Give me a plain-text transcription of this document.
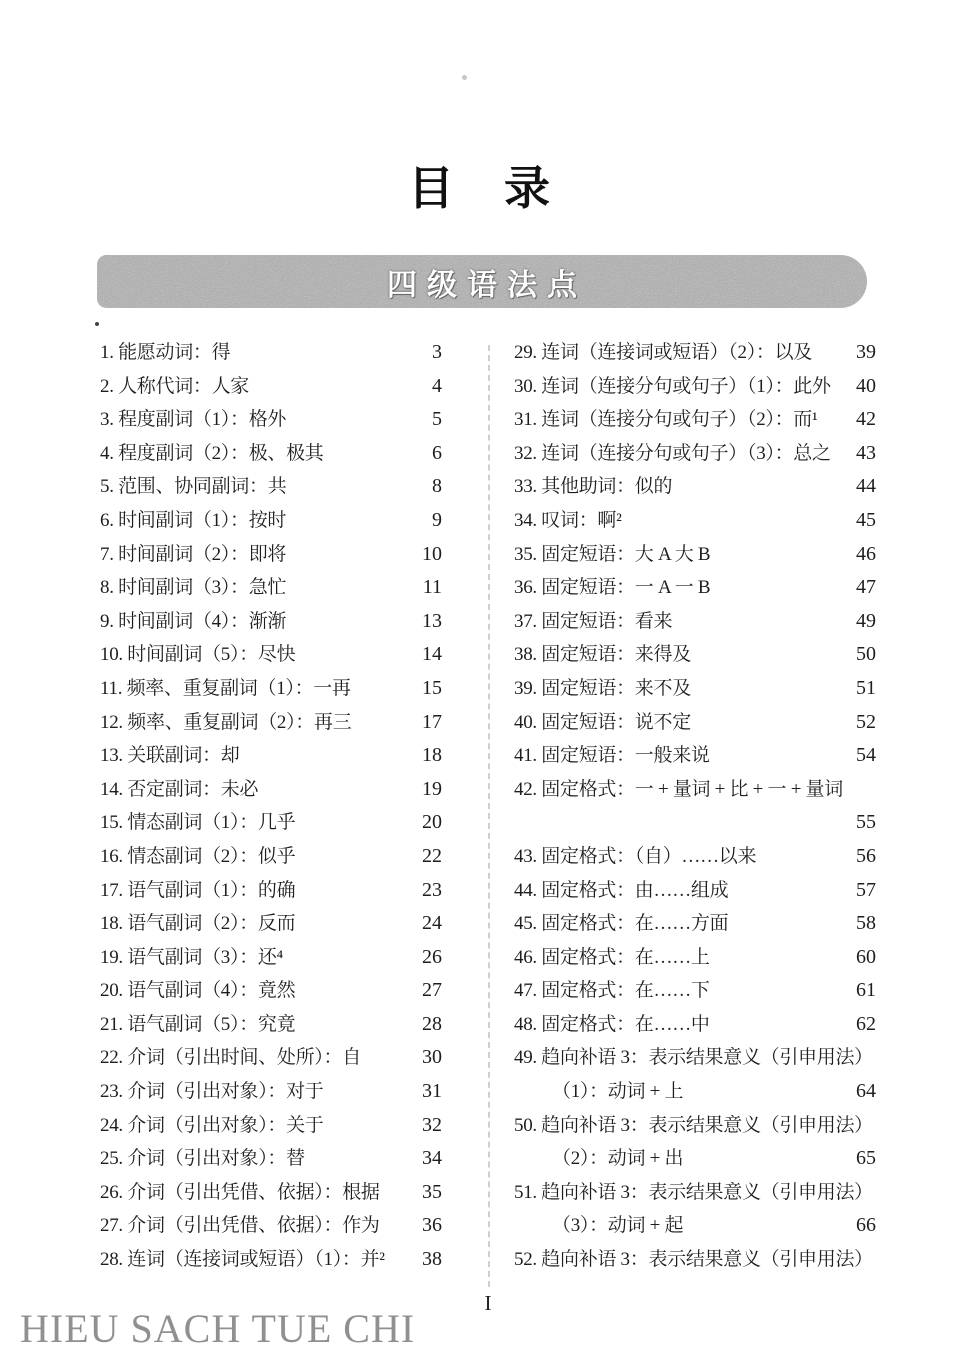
目　录
四级语法点
1. 能愿动词：得	3
2. 人称代词：人家	4
3. 程度副词（1）：格外	5
4. 程度副词（2）：极、极其	6
5. 范围、协同副词：共	8
6. 时间副词（1）：按时	9
7. 时间副词（2）：即将	10
8. 时间副词（3）：急忙	11
9. 时间副词（4）：渐渐	13
10. 时间副词（5）：尽快	14
11. 频率、重复副词（1）：一再	15
12. 频率、重复副词（2）：再三	17
13. 关联副词：却	18
14. 否定副词：未必	19
15. 情态副词（1）：几乎	20
16. 情态副词（2）：似乎	22
17. 语气副词（1）：的确	23
18. 语气副词（2）：反而	24
19. 语气副词（3）：还⁴	26
20. 语气副词（4）：竟然	27
21. 语气副词（5）：究竟	28
22. 介词（引出时间、处所）：自	30
23. 介词（引出对象）：对于	31
24. 介词（引出对象）：关于	32
25. 介词（引出对象）：替	34
26. 介词（引出凭借、依据）：根据 35
27. 介词（引出凭借、依据）：作为 36
28. 连词（连接词或短语）（1）：并² 38
29. 连词（连接词或短语）（2）：以及 39
30. 连词（连接分句或句子）（1）：此外 40
31. 连词（连接分句或句子）（2）：而¹ 42
32. 连词（连接分句或句子）（3）：总之 43
33. 其他助词：似的	44
34. 叹词：啊²	45
35. 固定短语：大 A 大 B	46
36. 固定短语：一 A 一 B	47
37. 固定短语：看来	49
38. 固定短语：来得及	50
39. 固定短语：来不及	51
40. 固定短语：说不定	52
41. 固定短语：一般来说	54
42. 固定格式：一 + 量词 + 比 + 一 + 量词
55
43. 固定格式：（自）……以来	56
44. 固定格式：由……组成	57
45. 固定格式：在……方面	58
46. 固定格式：在……上	60
47. 固定格式：在……下	61
48. 固定格式：在……中	62
49. 趋向补语 3：表示结果意义（引申用法）
（1）：动词 + 上	64
50. 趋向补语 3：表示结果意义（引申用法）
（2）：动词 + 出	65
51. 趋向补语 3：表示结果意义（引申用法）
（3）：动词 + 起	66
52. 趋向补语 3：表示结果意义（引申用法）
I
HIEU SACH TUE CHI
